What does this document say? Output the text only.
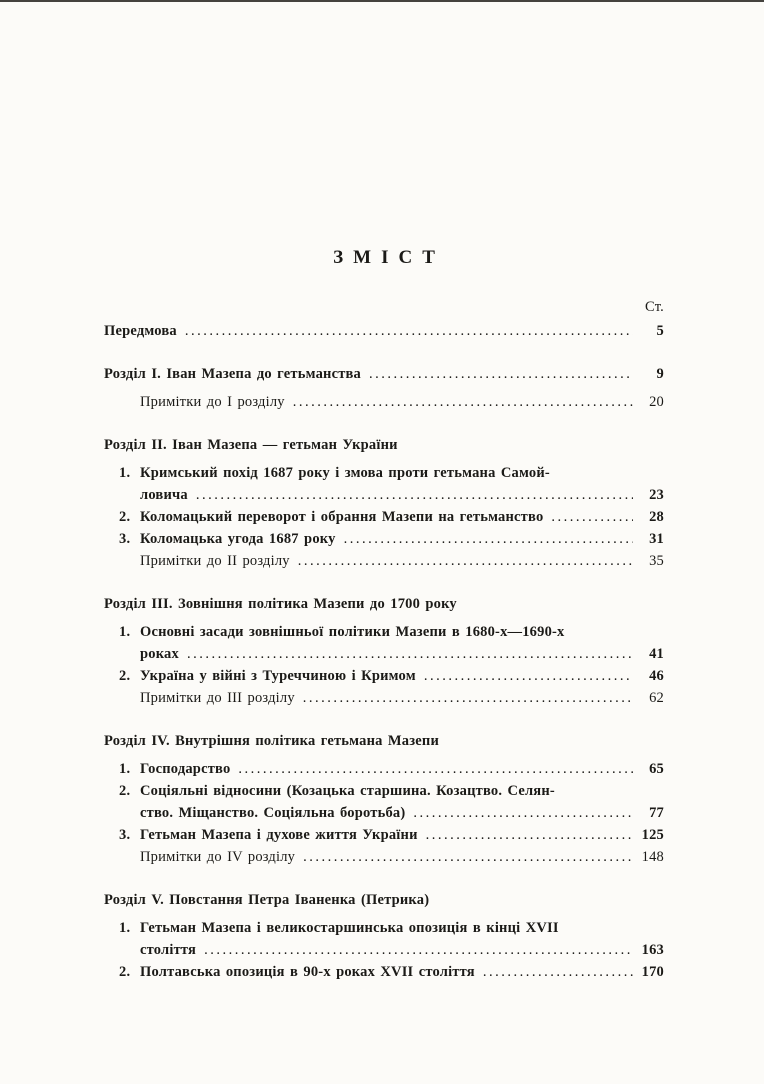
ЗМІСТ
Ст.
Передмова .....	5
Розділ I. Іван Мазепа до гетьманства .....	9
Примітки до I розділу .....	20
Розділ II. Іван Мазепа — гетьман України
1. Кримський похід 1687 року і змова проти гетьмана Самой-
ловича .....	23
2. Коломацький переворот і обрання Мазепи на гетьманство .....	28
3. Коломацька угода 1687 року .....	31
Примітки до II розділу .....	35
Розділ III. Зовнішня політика Мазепи до 1700 року
1. Основні засади зовнішньої політики Мазепи в 1680-х—1690-х
роках .....	41
2. Україна у війні з Туреччиною і Кримом .....	46
Примітки до III розділу .....	62
Розділ IV. Внутрішня політика гетьмана Мазепи
1. Господарство .....	65
2. Соціяльні відносини (Козацька старшина. Козацтво. Селян-
ство. Міщанство. Соціяльна боротьба) .....	77
3. Гетьман Мазепа і духове життя України .....	125
Примітки до IV розділу .....	148
Розділ V. Повстання Петра Іваненка (Петрика)
1. Гетьман Мазепа і великостаршинська опозиція в кінці XVII
століття .....	163
2. Полтавська опозиція в 90-х роках XVII століття .....	170
